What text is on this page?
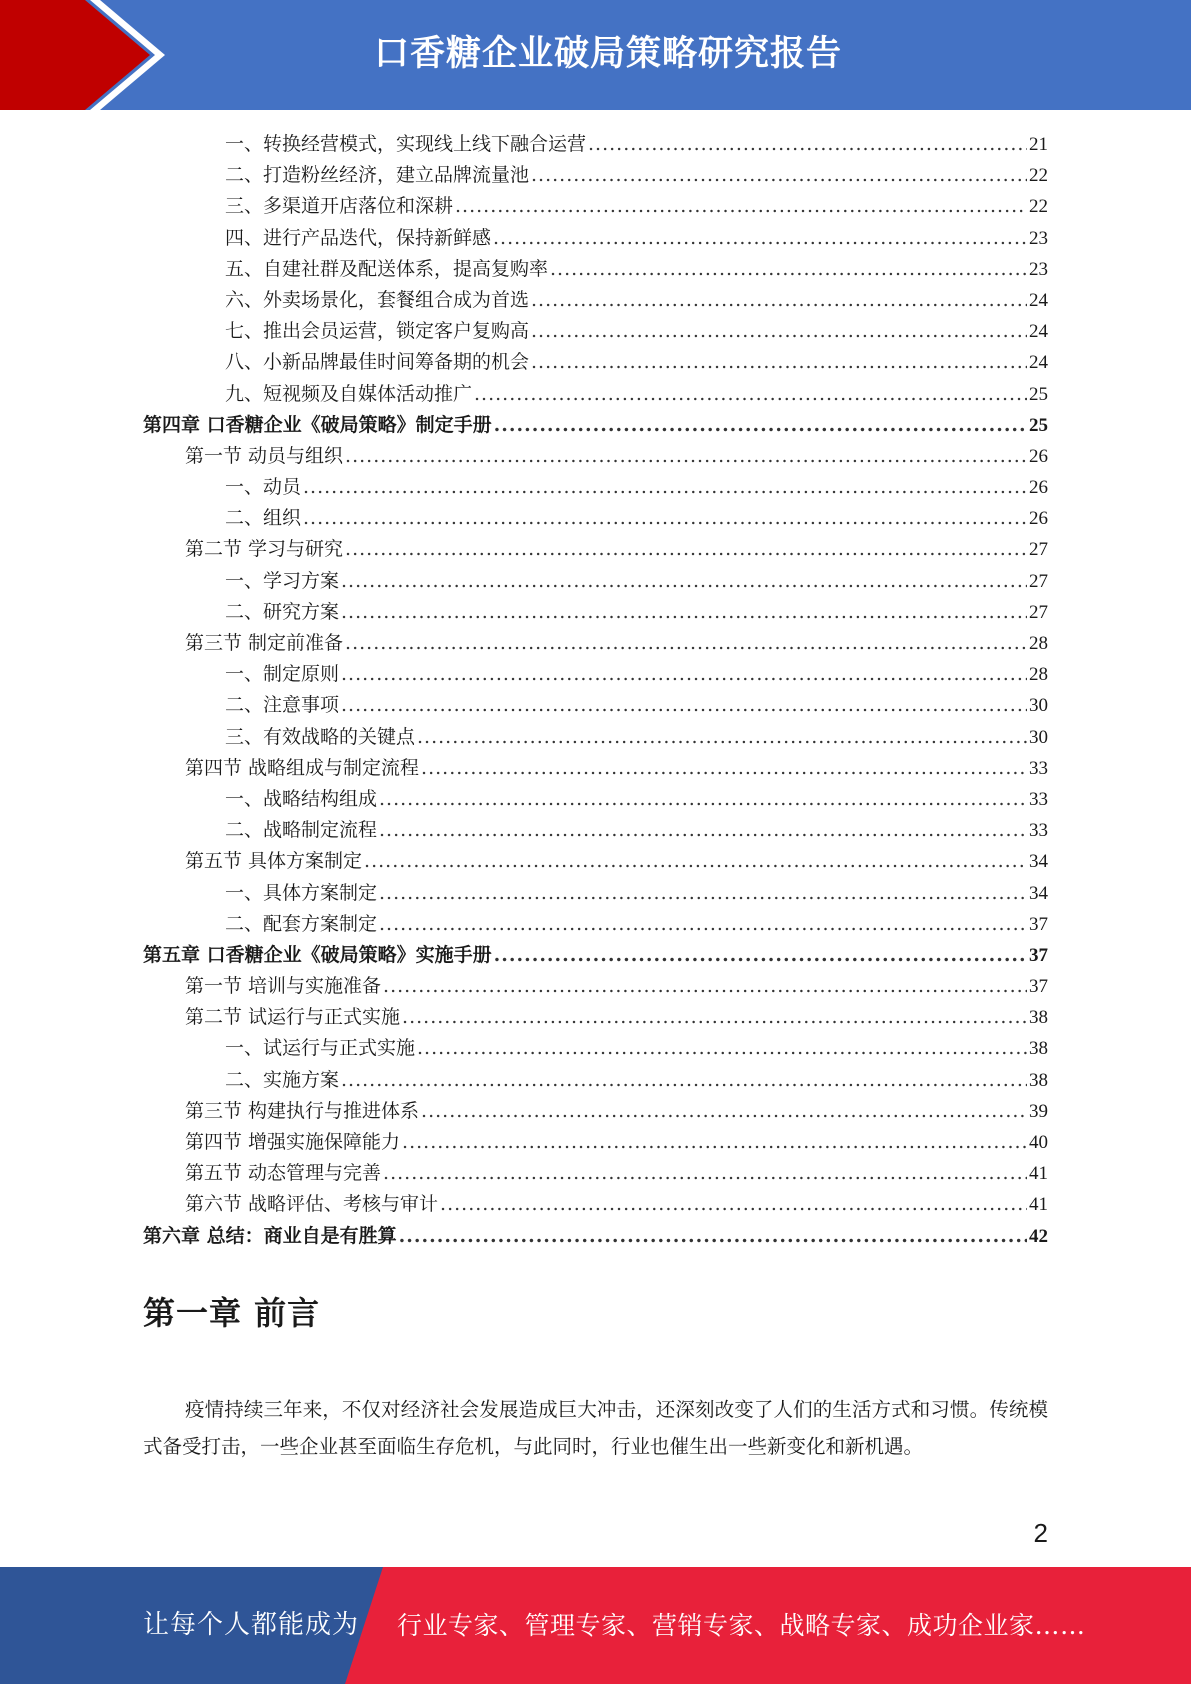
口香糖企业破局策略研究报告
一、转换经营模式，实现线上线下融合运营 .....	21
二、打造粉丝经济，建立品牌流量池 .....	22
三、多渠道开店落位和深耕 .....	22
四、进行产品迭代，保持新鲜感 .....	23
五、自建社群及配送体系，提高复购率 .....	23
六、外卖场景化，套餐组合成为首选 .....	24
七、推出会员运营，锁定客户复购高 .....	24
八、小新品牌最佳时间筹备期的机会 .....	24
九、短视频及自媒体活动推广 .....	25
第四章 口香糖企业《破局策略》制定手册 .....	25
第一节 动员与组织 .....	26
一、动员 .....	26
二、组织 .....	26
第二节 学习与研究 .....	27
一、学习方案 .....	27
二、研究方案 .....	27
第三节 制定前准备 .....	28
一、制定原则 .....	28
二、注意事项 .....	30
三、有效战略的关键点 .....	30
第四节 战略组成与制定流程 .....	33
一、战略结构组成 .....	33
二、战略制定流程 .....	33
第五节 具体方案制定 .....	34
一、具体方案制定 .....	34
二、配套方案制定 .....	37
第五章 口香糖企业《破局策略》实施手册 .....	37
第一节 培训与实施准备 .....	37
第二节 试运行与正式实施 .....	38
一、试运行与正式实施 .....	38
二、实施方案 .....	38
第三节 构建执行与推进体系 .....	39
第四节 增强实施保障能力 .....	40
第五节 动态管理与完善 .....	41
第六节 战略评估、考核与审计 .....	41
第六章 总结：商业自是有胜算 .....	42
第一章 前言

疫情持续三年来，不仅对经济社会发展造成巨大冲击，还深刻改变了人们的生活方式和习惯。传统模式备受打击，一些企业甚至面临生存危机，与此同时，行业也催生出一些新变化和新机遇。

2
让每个人都能成为 行业专家、管理专家、营销专家、战略专家、成功企业家……
